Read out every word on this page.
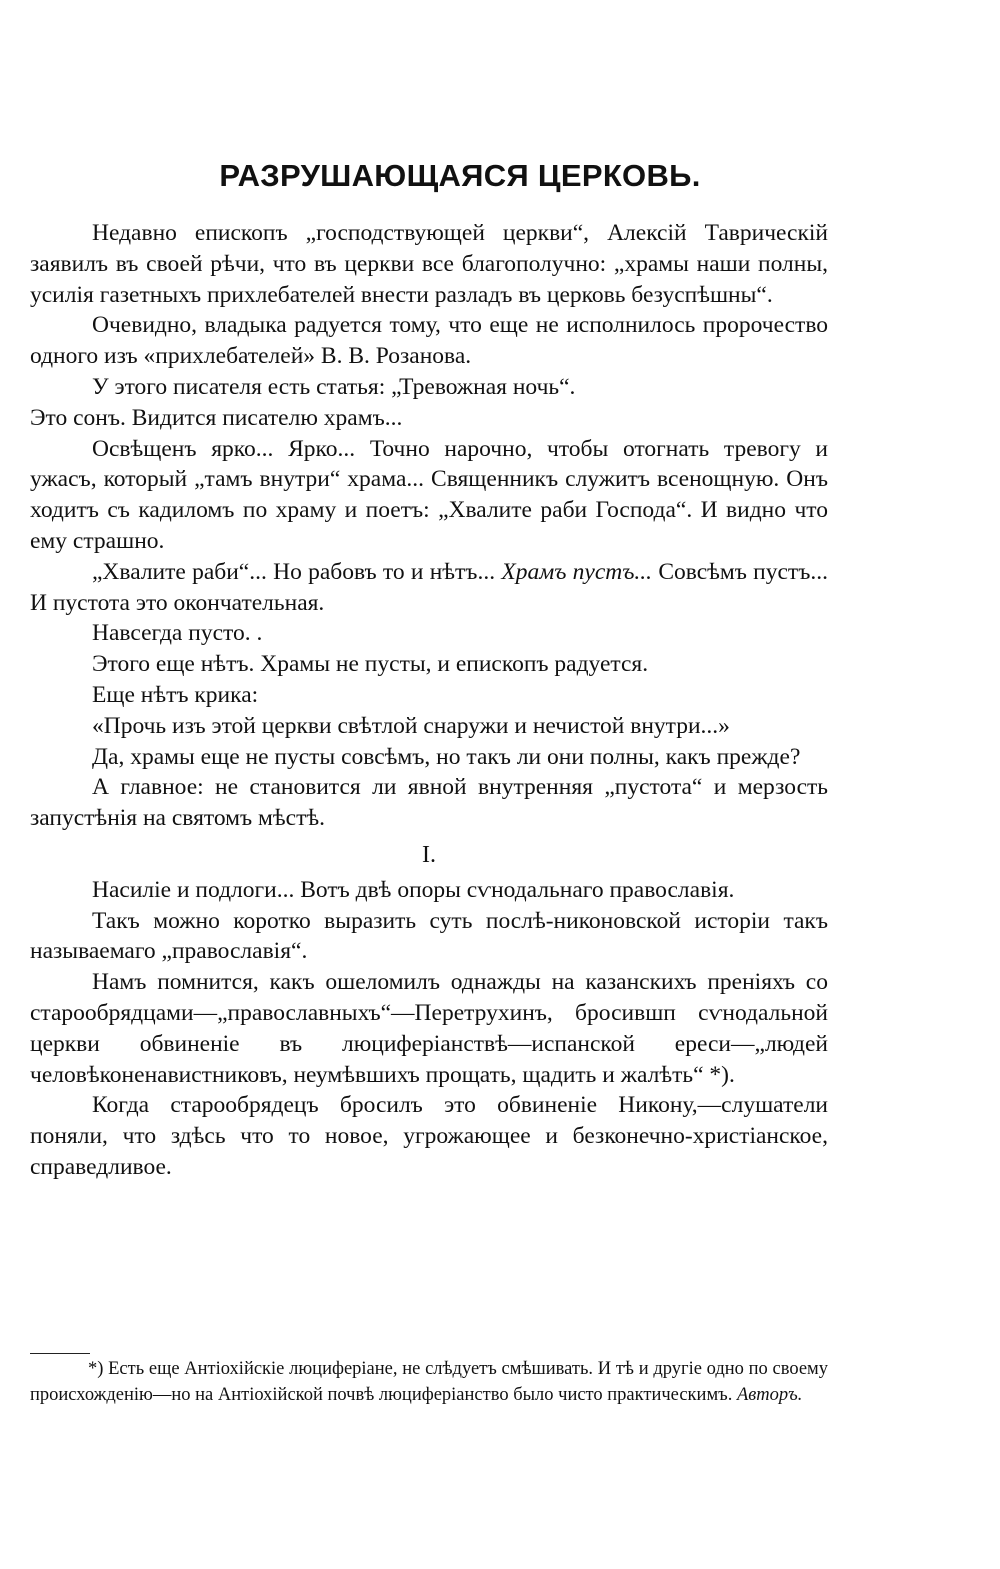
РАЗРУШАЮЩАЯСЯ ЦЕРКОВЬ.

Недавно епископъ „господствующей церкви“, Алексій Таврическій заявилъ въ своей рѣчи, что въ церкви все благополучно: „храмы наши полны, усилія газетныхъ прихлебателей внести разладъ въ церковь безуспѣшны“.

Очевидно, владыка радуется тому, что еще не исполнилось пророчество одного изъ «прихлебателей» В. В. Розанова.

У этого писателя есть статья: „Тревожная ночь“.

Это сонъ. Видится писателю храмъ...

Освѣщенъ ярко... Ярко... Точно нарочно, чтобы отогнать тревогу и ужасъ, который „тамъ внутри“ храма... Священникъ служитъ всенощную. Онъ ходитъ съ кадиломъ по храму и поетъ: „Хвалите раби Господа“. И видно что ему страшно.

„Хвалите раби“... Но рабовъ то и нѣтъ... Храмъ пустъ... Совсѣмъ пустъ... И пустота это окончательная.

Навсегда пусто. .

Этого еще нѣтъ. Храмы не пусты, и епископъ радуется.

Еще нѣтъ крика:

«Прочь изъ этой церкви свѣтлой снаружи и нечистой внутри...»

Да, храмы еще не пусты совсѣмъ, но такъ ли они полны, какъ прежде?

А главное: не становится ли явной внутренняя „пустота“ и мерзость запустѣнія на святомъ мѣстѣ.

I.

Насиліе и подлоги... Вотъ двѣ опоры сѵнодальнаго православія.

Такъ можно коротко выразить суть послѣ-никоновской исторіи такъ называемаго „православія“.

Намъ помнится, какъ ошеломилъ однажды на казанскихъ преніяхъ со старообрядцами—„православныхъ“—Перетрухинъ, бросившп сѵнодальной церкви обвиненіе въ люциферіанствѣ—испанской ереси—„людей человѣконенавистниковъ, неумѣвшихъ прощать, щадить и жалѣть“ *).

Когда старообрядецъ бросилъ это обвиненіе Никону,—слушатели поняли, что здѣсь что то новое, угрожающее и безконечно-христіанское, справедливое.

*) Есть еще Антіохійскіе люциферіане, не слѣдуетъ смѣшивать. И тѣ и другіе одно по своему происхожденію—но на Антіохійской почвѣ люциферіанство было чисто практическимъ. Авторъ.
